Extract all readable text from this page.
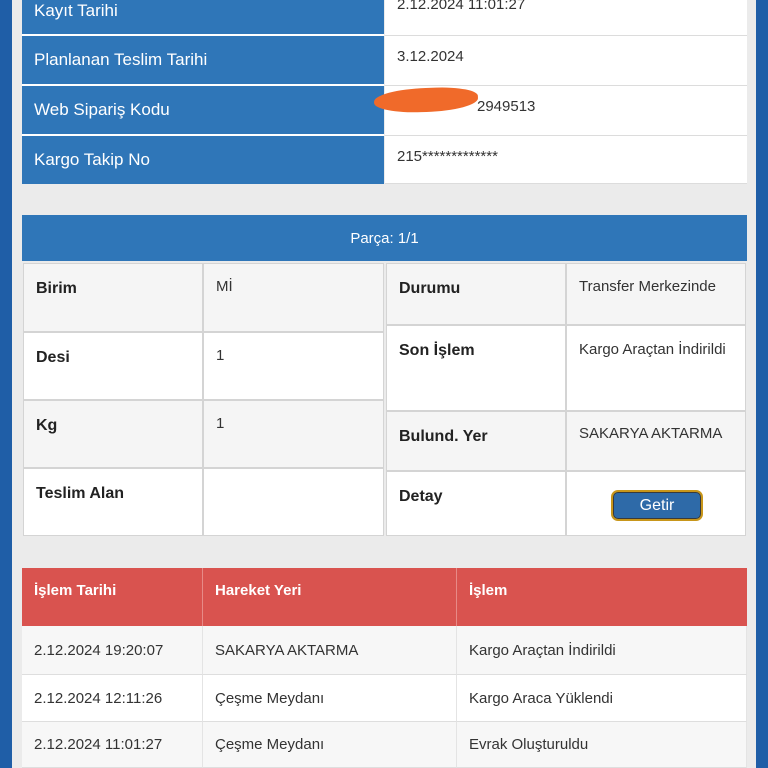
Kayıt Tarihi	2.12.2024 11:01:27
Planlanan Teslim Tarihi	3.12.2024
Web Sipariş Kodu	2949513
Kargo Takip No	215*************
Parça: 1/1
Birim	Mİ
Desi	1
Kg	1
Teslim Alan
Durumu	Transfer Merkezinde
Son İşlem	Kargo Araçtan İndirildi
Bulund. Yer	SAKARYA AKTARMA
Detay	Getir
İşlem Tarihi	Hareket Yeri	İşlem
2.12.2024 19:20:07	SAKARYA AKTARMA	Kargo Araçtan İndirildi
2.12.2024 12:11:26	Çeşme Meydanı	Kargo Araca Yüklendi
2.12.2024 11:01:27	Çeşme Meydanı	Evrak Oluşturuldu
